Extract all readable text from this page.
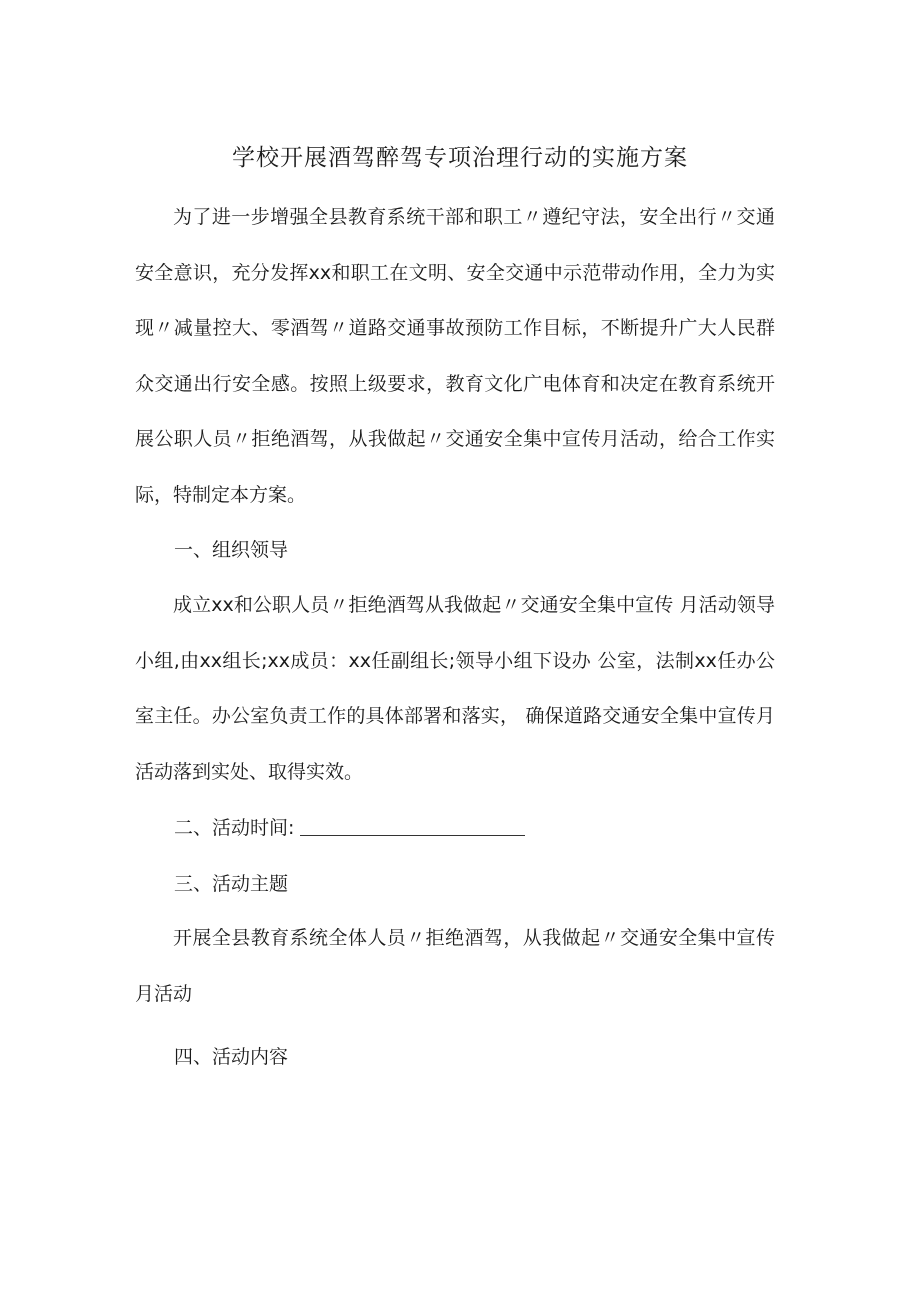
学校开展酒驾醉驾专项治理行动的实施方案

为了进一步增强全县教育系统干部和职工〃遵纪守法，安全出行〃交通安全意识，充分发挥xx和职工在文明、安全交通中示范带动作用，全力为实现〃减量控大、零酒驾〃道路交通事故预防工作目标，不断提升广大人民群众交通出行安全感。按照上级要求，教育文化广电体育和决定在教育系统开展公职人员〃拒绝酒驾，从我做起〃交通安全集中宣传月活动，给合工作实际，特制定本方案。

一、组织领导

成立xx和公职人员〃拒绝酒驾从我做起〃交通安全集中宣传 月活动领导小组,由xx组长;xx成员：xx任副组长;领导小组下设办 公室，法制xx任办公室主任。办公室负责工作的具体部署和落实， 确保道路交通安全集中宣传月活动落到实处、取得实效。

二、活动时间:
三、活动主题

开展全县教育系统全体人员〃拒绝酒驾，从我做起〃交通安全集中宣传月活动

四、活动内容
